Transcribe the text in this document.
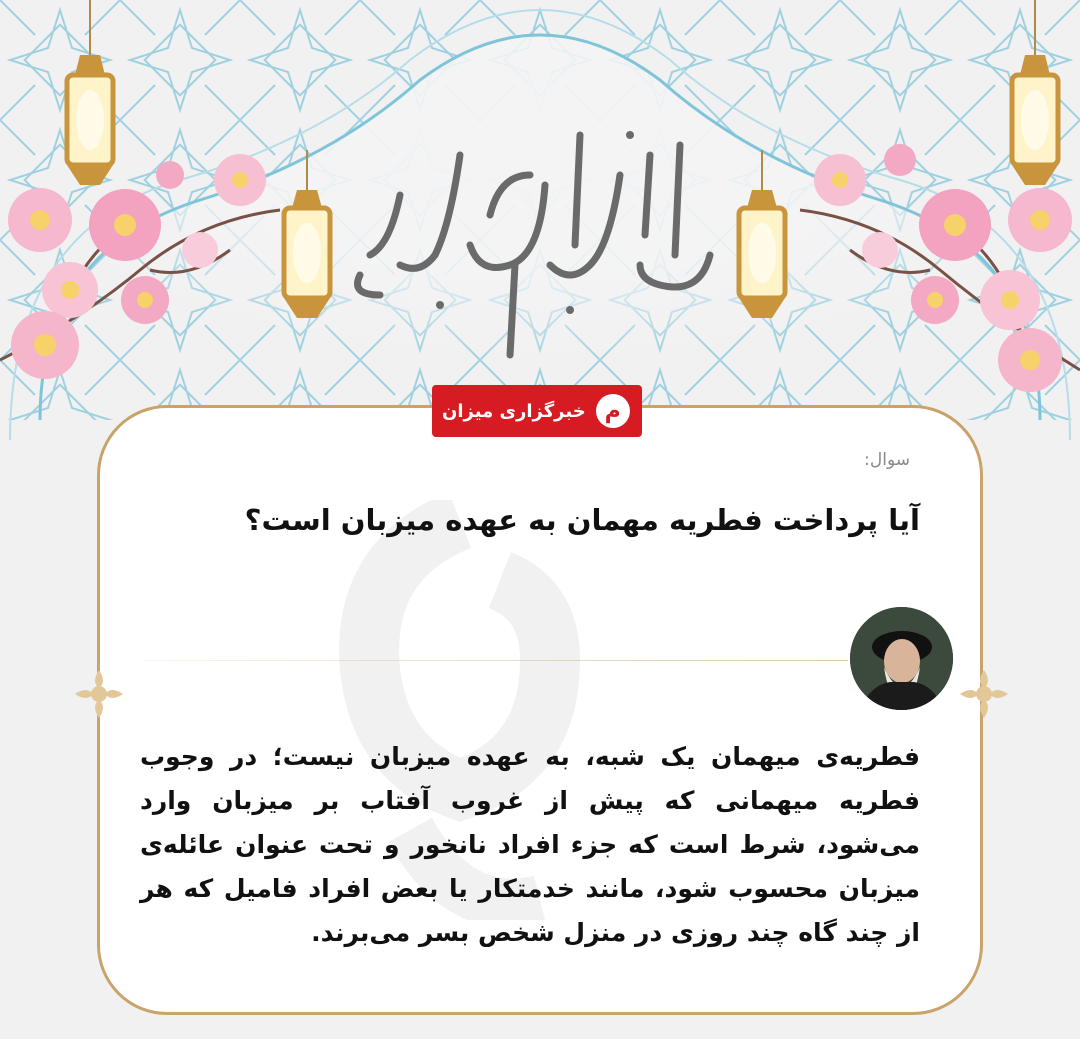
م
خبرگزاری میزان
سوال:
آیا پرداخت فطریه مهمان به عهده میزبان است؟
فطریه‌ی میهمان یک شبه، به عهده میزبان نیست؛ در وجوب فطریه میهمانی که پیش از غروب آفتاب بر میزبان وارد می‌شود، شرط است که جزء افراد نانخور و تحت عنوان عائله‌ی میزبان محسوب شود، مانند خدمتکار یا بعض افراد فامیل که هر از چند گاه چند روزی در منزل شخص بسر می‌برند.
